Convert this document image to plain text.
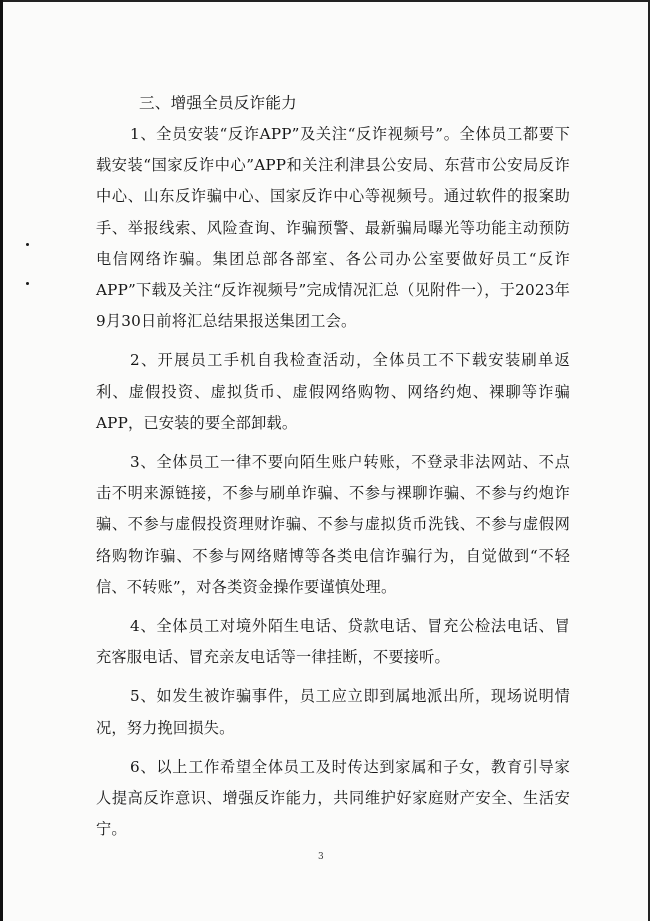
三、增强全员反诈能力

1、全员安装“反诈APP”及关注“反诈视频号”。全体员工都要下载安装“国家反诈中心”APP和关注利津县公安局、东营市公安局反诈中心、山东反诈骗中心、国家反诈中心等视频号。通过软件的报案助手、举报线索、风险查询、诈骗预警、最新骗局曝光等功能主动预防电信网络诈骗。集团总部各部室、各公司办公室要做好员工“反诈APP”下载及关注“反诈视频号”完成情况汇总（见附件一），于2023年9月30日前将汇总结果报送集团工会。

2、开展员工手机自我检查活动，全体员工不下载安装刷单返利、虚假投资、虚拟货币、虚假网络购物、网络约炮、裸聊等诈骗APP，已安装的要全部卸载。

3、全体员工一律不要向陌生账户转账，不登录非法网站、不点击不明来源链接，不参与刷单诈骗、不参与裸聊诈骗、不参与约炮诈骗、不参与虚假投资理财诈骗、不参与虚拟货币洗钱、不参与虚假网络购物诈骗、不参与网络赌博等各类电信诈骗行为，自觉做到“不轻信、不转账”，对各类资金操作要谨慎处理。

4、全体员工对境外陌生电话、贷款电话、冒充公检法电话、冒充客服电话、冒充亲友电话等一律挂断，不要接听。

5、如发生被诈骗事件，员工应立即到属地派出所，现场说明情况，努力挽回损失。

6、以上工作希望全体员工及时传达到家属和子女，教育引导家人提高反诈意识、增强反诈能力，共同维护好家庭财产安全、生活安宁。

3
